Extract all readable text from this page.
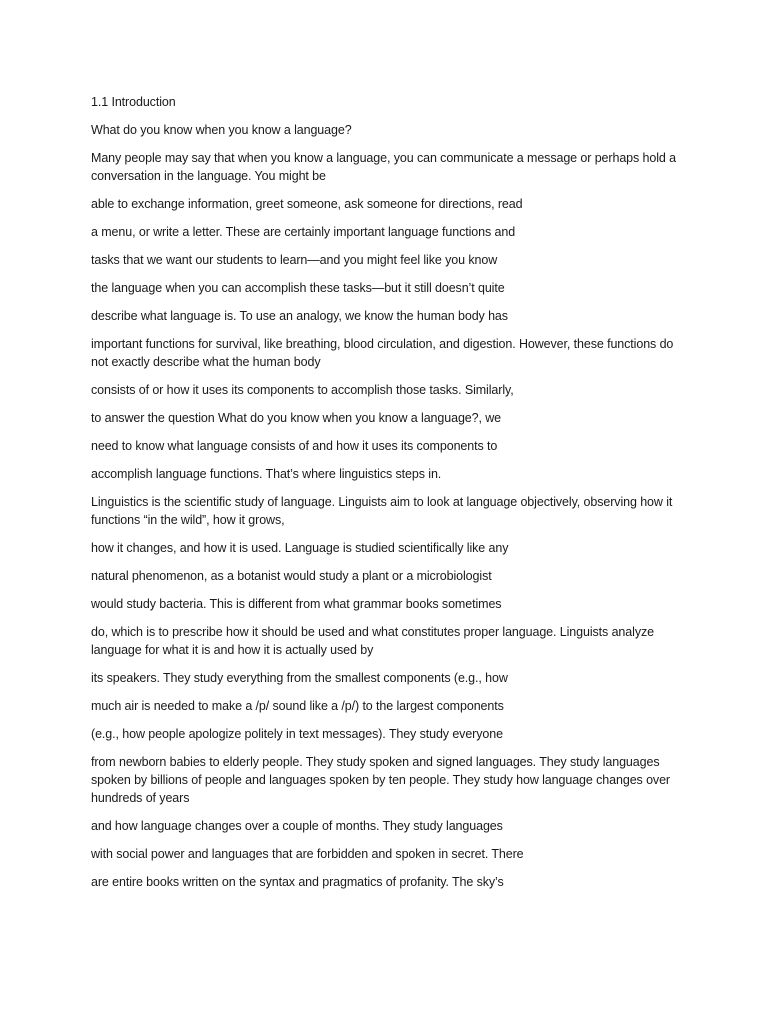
1.1 Introduction

What do you know when you know a language?

Many people may say that when you know a language, you can communicate a message or perhaps hold a conversation in the language. You might be

able to exchange information, greet someone, ask someone for directions, read

a menu, or write a letter. These are certainly important language functions and

tasks that we want our students to learn—and you might feel like you know

the language when you can accomplish these tasks—but it still doesn’t quite

describe what language is. To use an analogy, we know the human body has

important functions for survival, like breathing, blood circulation, and digestion. However, these functions do not exactly describe what the human body

consists of or how it uses its components to accomplish those tasks. Similarly,

to answer the question What do you know when you know a language?, we

need to know what language consists of and how it uses its components to

accomplish language functions. That’s where linguistics steps in.

Linguistics is the scientific study of language. Linguists aim to look at language objectively, observing how it functions “in the wild”, how it grows,

how it changes, and how it is used. Language is studied scientifically like any

natural phenomenon, as a botanist would study a plant or a microbiologist

would study bacteria. This is different from what grammar books sometimes

do, which is to prescribe how it should be used and what constitutes proper language. Linguists analyze language for what it is and how it is actually used by

its speakers. They study everything from the smallest components (e.g., how

much air is needed to make a /p/ sound like a /p/) to the largest components

(e.g., how people apologize politely in text messages). They study everyone

from newborn babies to elderly people. They study spoken and signed languages. They study languages spoken by billions of people and languages spoken by ten people. They study how language changes over hundreds of years

and how language changes over a couple of months. They study languages

with social power and languages that are forbidden and spoken in secret. There

are entire books written on the syntax and pragmatics of profanity. The sky’s
